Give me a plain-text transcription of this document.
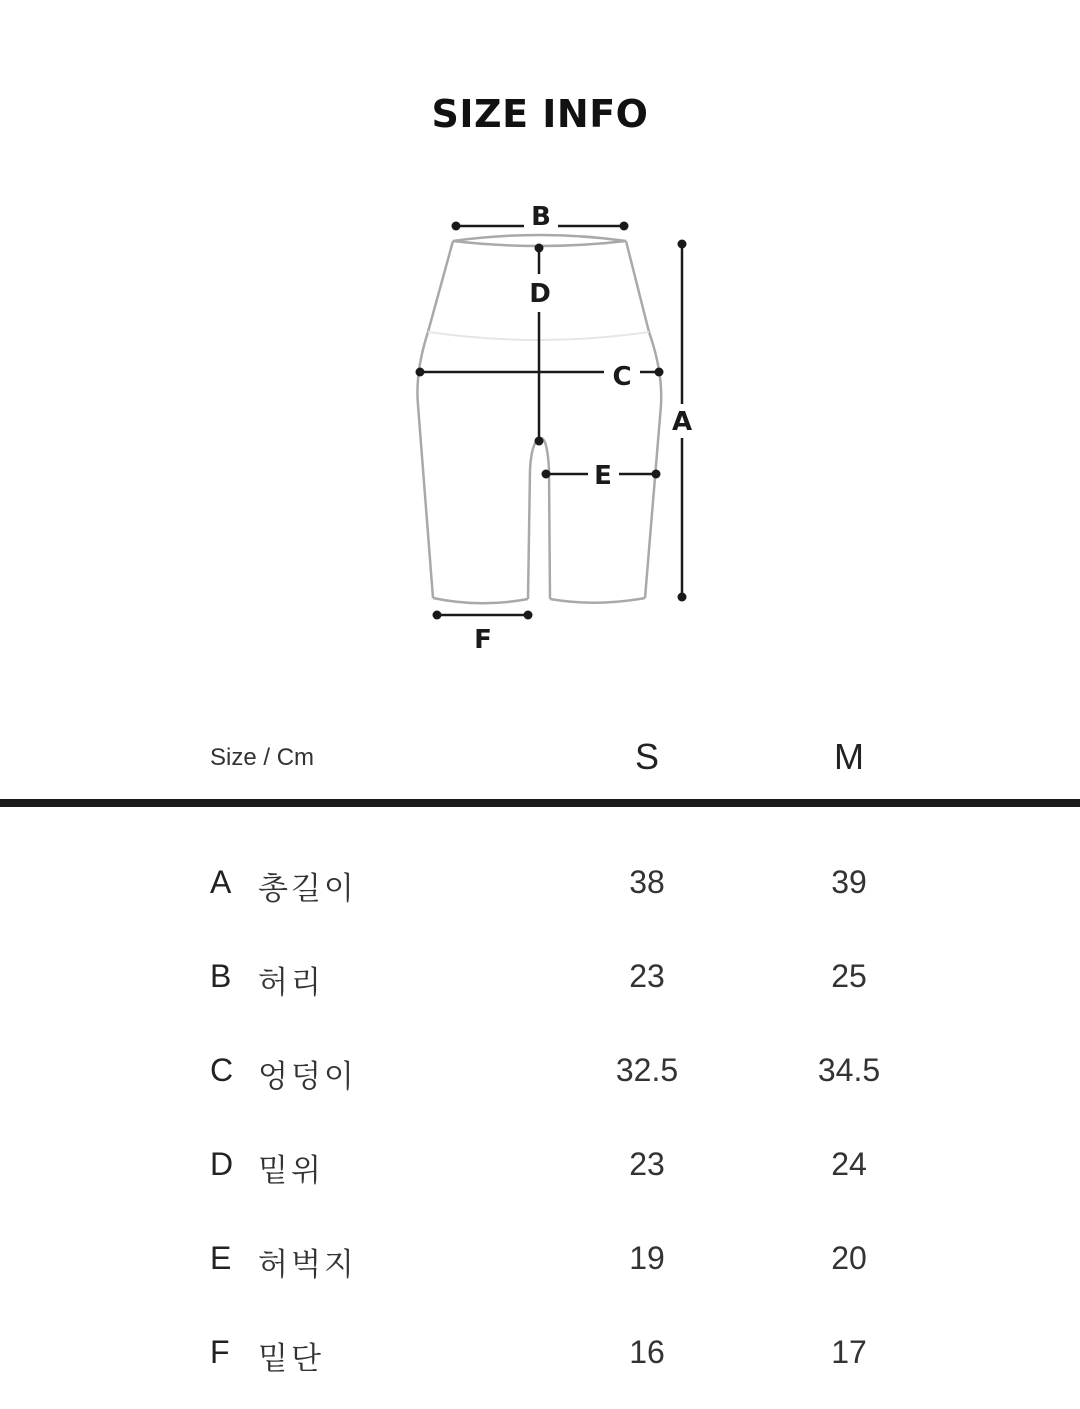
SIZE INFO
B
D
C
A
E
F
Size / Cm	S	M
A 총길이	38	39
B 허리	23	25
C 엉덩이	32.5	34.5
D 밑위	23	24
E 허벅지	19	20
F 밑단	16	17
